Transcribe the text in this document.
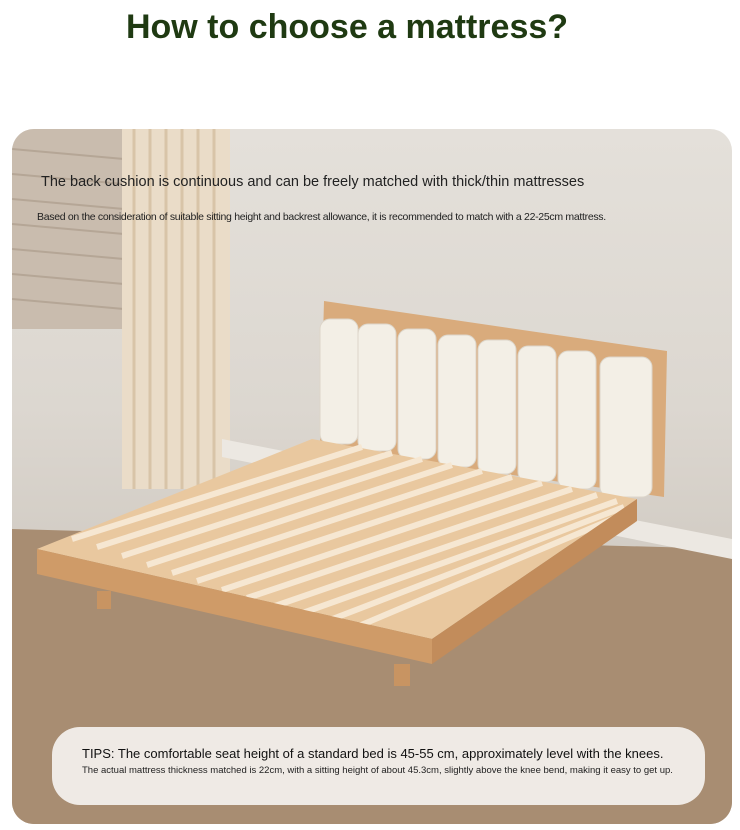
How to choose a mattress?
The back cushion is continuous and can be freely matched with thick/thin mattresses
Based on the consideration of suitable sitting height and backrest allowance, it is recommended to match with a 22-25cm mattress.
TIPS: The comfortable seat height of a standard bed is 45-55 cm, approximately level with the knees.
The actual mattress thickness matched is 22cm, with a sitting height of about 45.3cm, slightly above the knee bend, making it easy to get up.
